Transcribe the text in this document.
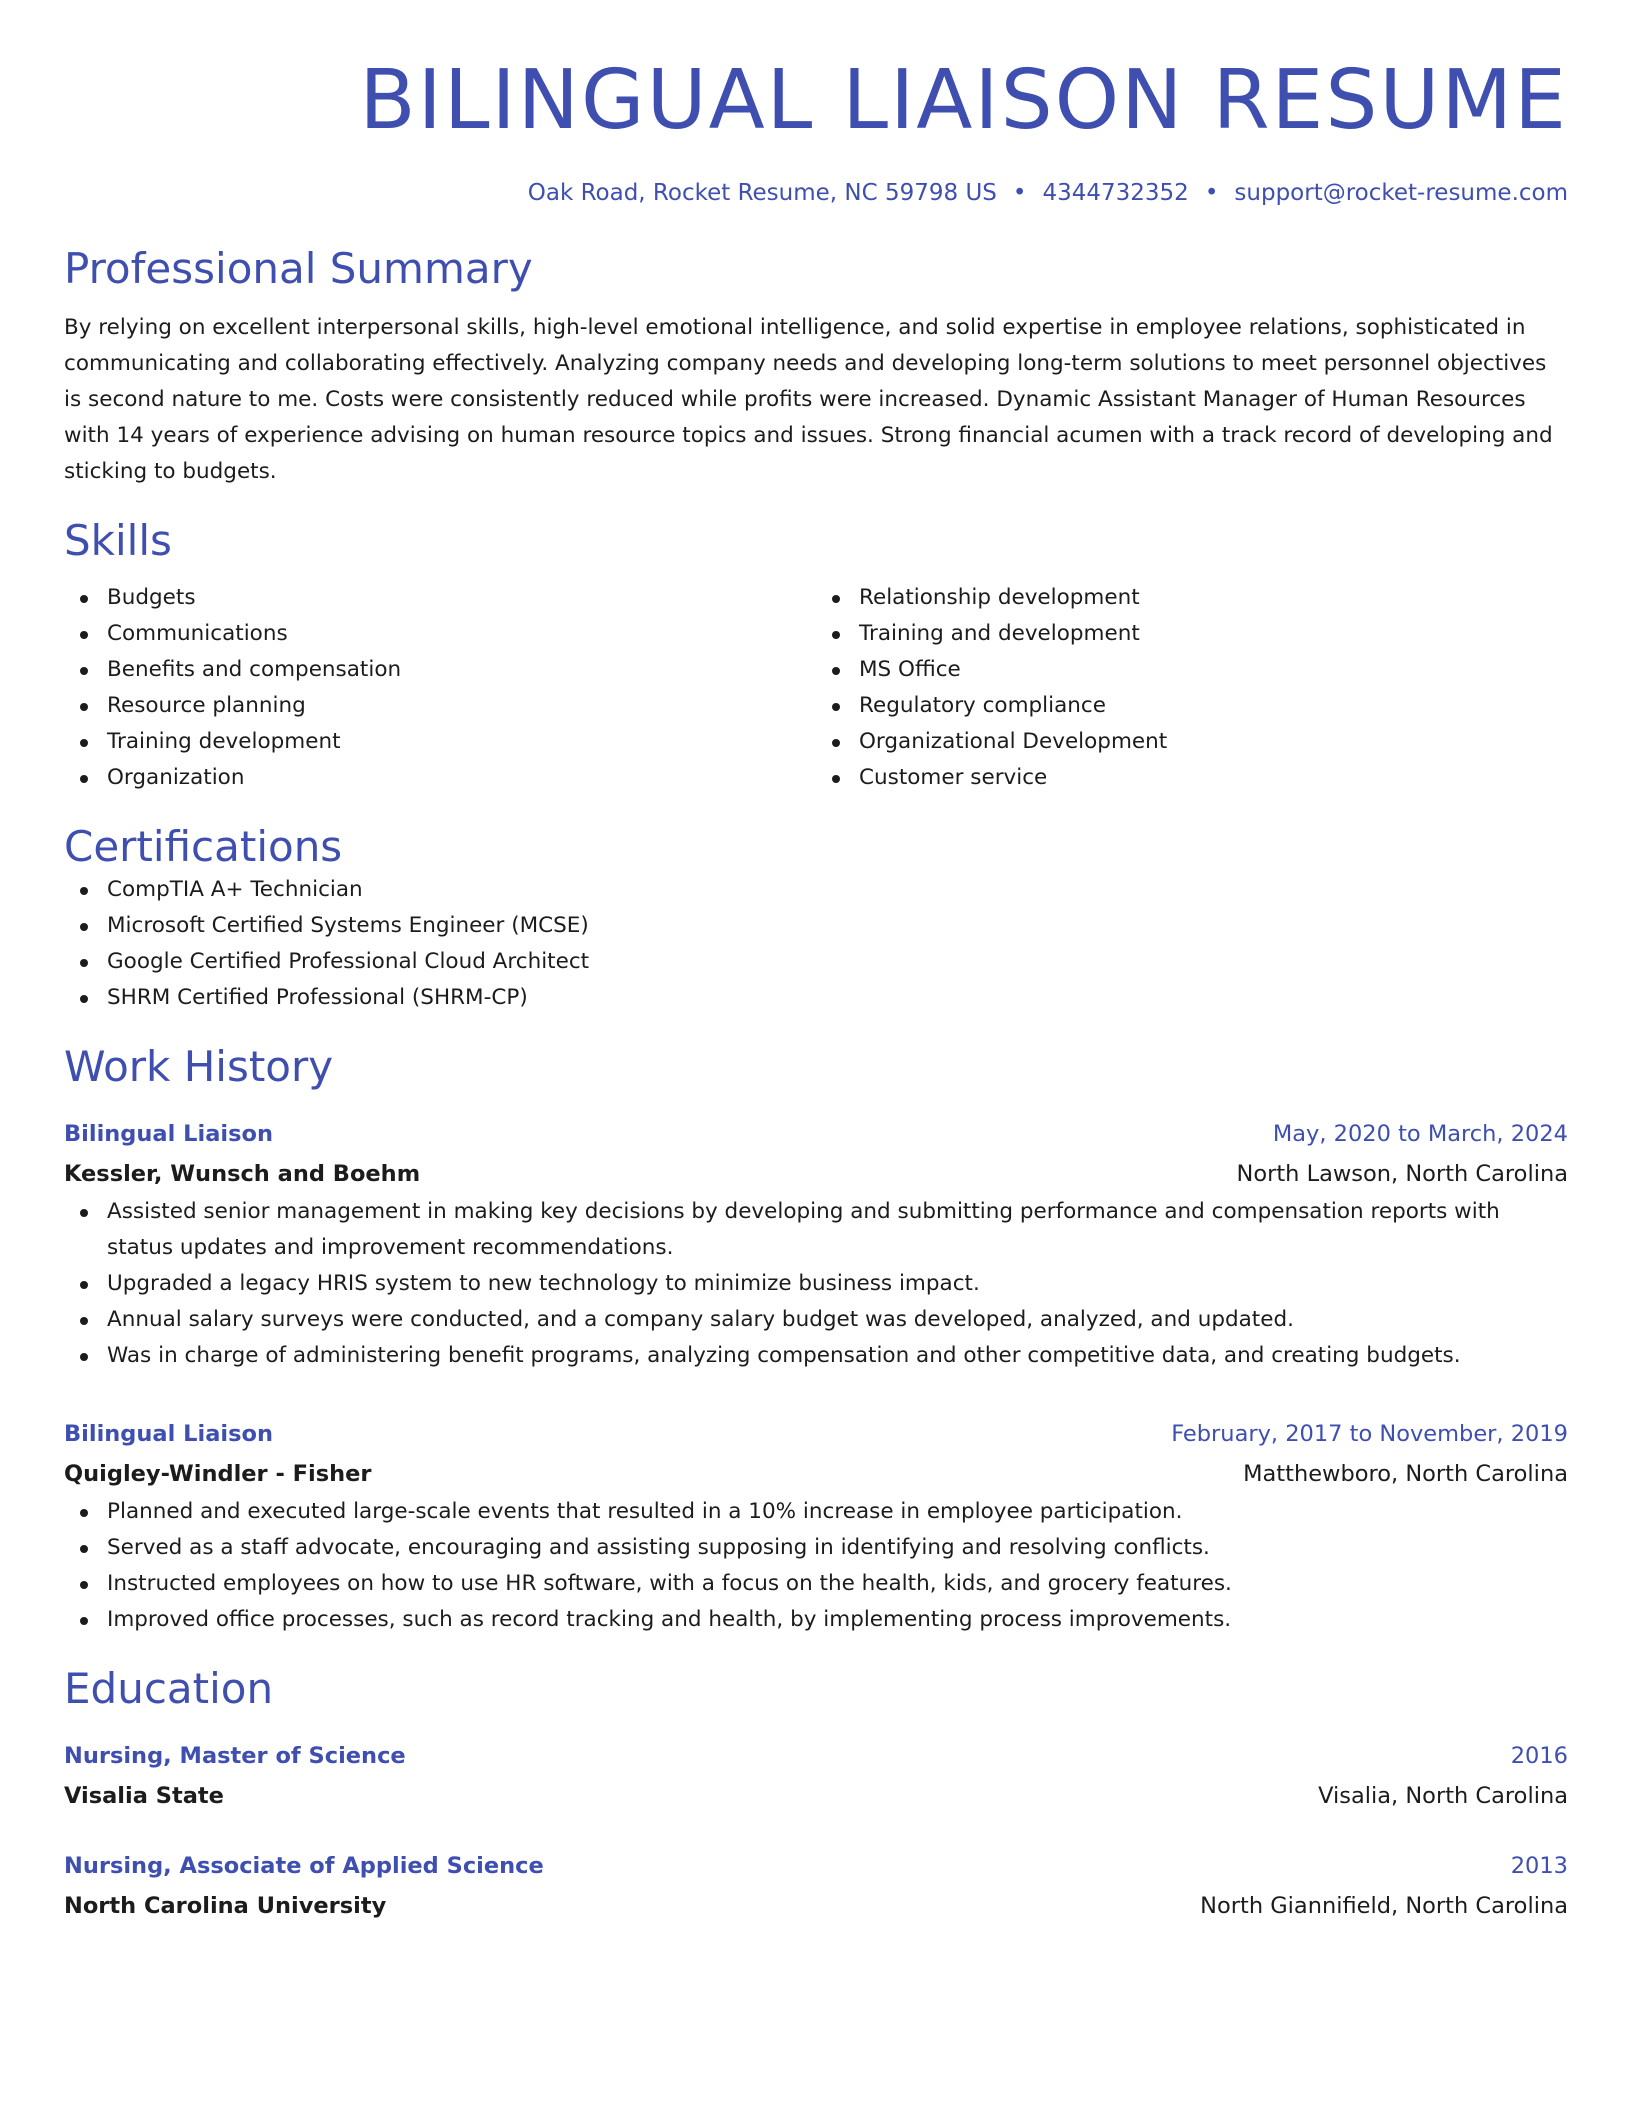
BILINGUAL LIAISON RESUME
Oak Road, Rocket Resume, NC 59798 US • 4344732352 • support@rocket-resume.com
Professional Summary

By relying on excellent interpersonal skills, high-level emotional intelligence, and solid expertise in employee relations, sophisticated in communicating and collaborating effectively. Analyzing company needs and developing long-term solutions to meet personnel objectives is second nature to me. Costs were consistently reduced while profits were increased. Dynamic Assistant Manager of Human Resources with 14 years of experience advising on human resource topics and issues. Strong financial acumen with a track record of developing and sticking to budgets.

Skills
Budgets
Communications
Benefits and compensation
Resource planning
Training development
Organization
Relationship development
Training and development
MS Office
Regulatory compliance
Organizational Development
Customer service
Certifications
CompTIA A+ Technician
Microsoft Certified Systems Engineer (MCSE)
Google Certified Professional Cloud Architect
SHRM Certified Professional (SHRM-CP)
Work History
Bilingual Liaison	May, 2020 to March, 2024
Kessler, Wunsch and Boehm	North Lawson, North Carolina
Assisted senior management in making key decisions by developing and submitting performance and compensation reports with status updates and improvement recommendations.
Upgraded a legacy HRIS system to new technology to minimize business impact.
Annual salary surveys were conducted, and a company salary budget was developed, analyzed, and updated.
Was in charge of administering benefit programs, analyzing compensation and other competitive data, and creating budgets.
Bilingual Liaison	February, 2017 to November, 2019
Quigley-Windler - Fisher	Matthewboro, North Carolina
Planned and executed large-scale events that resulted in a 10% increase in employee participation.
Served as a staff advocate, encouraging and assisting supposing in identifying and resolving conflicts.
Instructed employees on how to use HR software, with a focus on the health, kids, and grocery features.
Improved office processes, such as record tracking and health, by implementing process improvements.
Education
Nursing, Master of Science	2016
Visalia State	Visalia, North Carolina
Nursing, Associate of Applied Science	2013
North Carolina University	North Giannifield, North Carolina
